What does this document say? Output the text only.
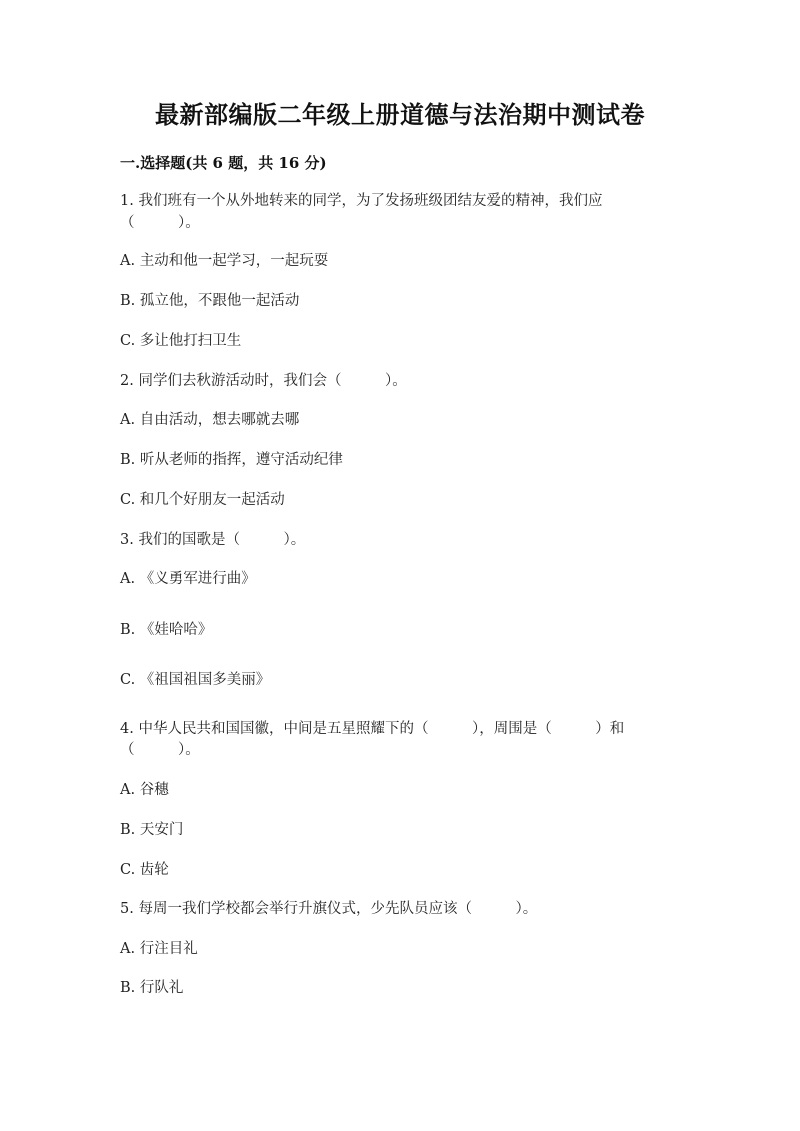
最新部编版二年级上册道德与法治期中测试卷
一.选择题(共 6 题，共 16 分)
1. 我们班有一个从外地转来的同学，为了发扬班级团结友爱的精神，我们应
（　　　）。
A. 主动和他一起学习，一起玩耍
B. 孤立他，不跟他一起活动
C. 多让他打扫卫生
2. 同学们去秋游活动时，我们会（　　　）。
A. 自由活动，想去哪就去哪
B. 听从老师的指挥，遵守活动纪律
C. 和几个好朋友一起活动
3. 我们的国歌是（　　　）。
A. 《义勇军进行曲》
B. 《娃哈哈》
C. 《祖国祖国多美丽》
4. 中华人民共和国国徽，中间是五星照耀下的（　　　），周围是（　　　）和
（　　　）。
A. 谷穗
B. 天安门
C. 齿轮
5. 每周一我们学校都会举行升旗仪式，少先队员应该（　　　）。
A. 行注目礼
B. 行队礼
